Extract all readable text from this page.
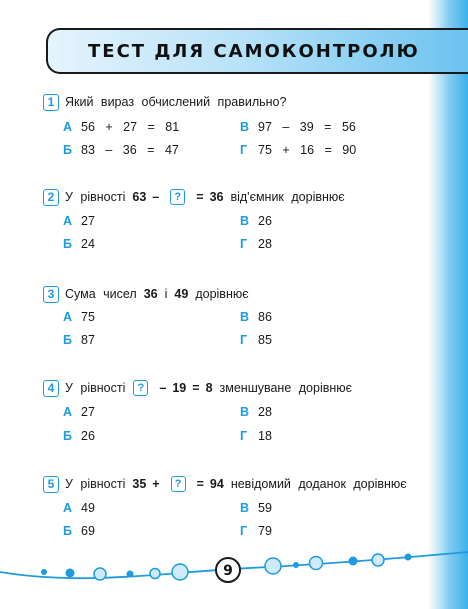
ТЕСТ ДЛЯ САМОКОНТРОЛЮ
1 Який вираз обчислений правильно?
А 56 + 27 = 81	В 97 – 39 = 56
Б 83 – 36 = 47	Г 75 + 16 = 90
2 У рівності 63 –	?	= 36 від'ємник дорівнює
А 27	В 26
Б 24	Г 28
3 Сума чисел 36 і 49 дорівнює
А 75	В 86
Б 87	Г 85
4 У рівності	?	– 19 = 8 зменшуване дорівнює
А 27	В 28
Б 26	Г 18
5 У рівності 35 +	?	= 94 невідомий доданок дорівнює
А 49	В 59
Б 69	Г 79
9
